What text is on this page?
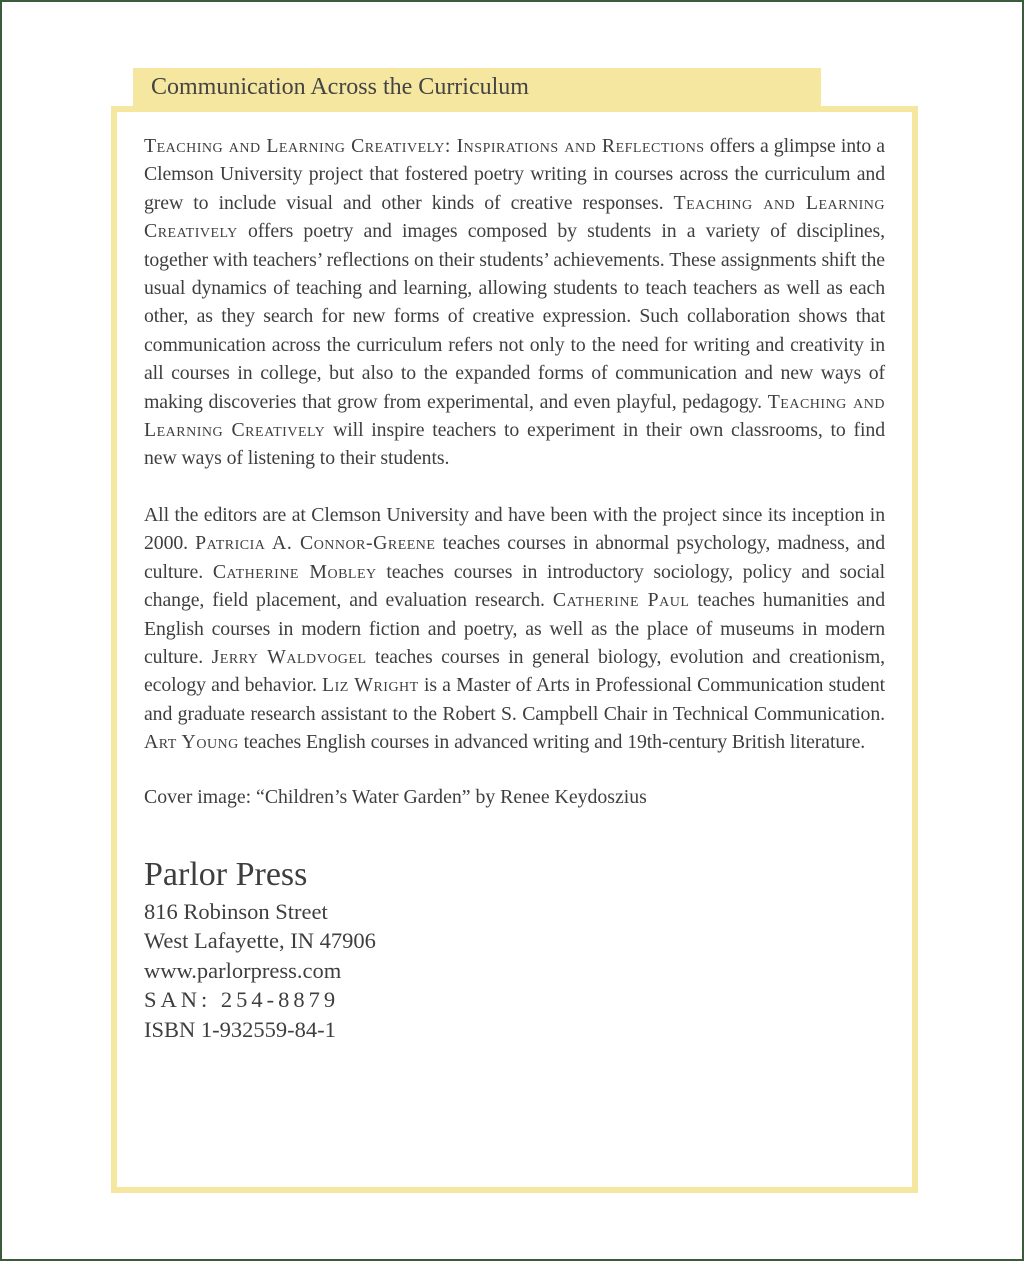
Communication Across the Curriculum

Teaching and Learning Creatively: Inspirations and Reflections offers a glimpse into a Clemson University project that fostered poetry writing in courses across the curriculum and grew to include visual and other kinds of creative responses. Teaching and Learning Creatively offers poetry and images composed by students in a variety of disciplines, together with teachers’ reflections on their students’ achievements. These assignments shift the usual dynamics of teaching and learning, allowing students to teach teachers as well as each other, as they search for new forms of creative expression. Such collaboration shows that communication across the curriculum refers not only to the need for writing and creativity in all courses in college, but also to the expanded forms of communication and new ways of making discoveries that grow from experimental, and even playful, pedagogy. Teaching and Learning Creatively will inspire teachers to experiment in their own classrooms, to find new ways of listening to their students.

All the editors are at Clemson University and have been with the project since its inception in 2000. Patricia A. Connor-Greene teaches courses in abnormal psychology, madness, and culture. Catherine Mobley teaches courses in introductory sociology, policy and social change, field placement, and evaluation research. Catherine Paul teaches humanities and English courses in modern fiction and poetry, as well as the place of museums in modern culture. Jerry Waldvogel teaches courses in general biology, evolution and creationism, ecology and behavior. Liz Wright is a Master of Arts in Professional Communication student and graduate research assistant to the Robert S. Campbell Chair in Technical Communication. Art Young teaches English courses in advanced writing and 19th-century British literature.

Cover image: “Children’s Water Garden” by Renee Keydoszius
Parlor Press
816 Robinson Street
West Lafayette, IN 47906
www.parlorpress.com
SAN: 254-8879
ISBN 1-932559-84-1
